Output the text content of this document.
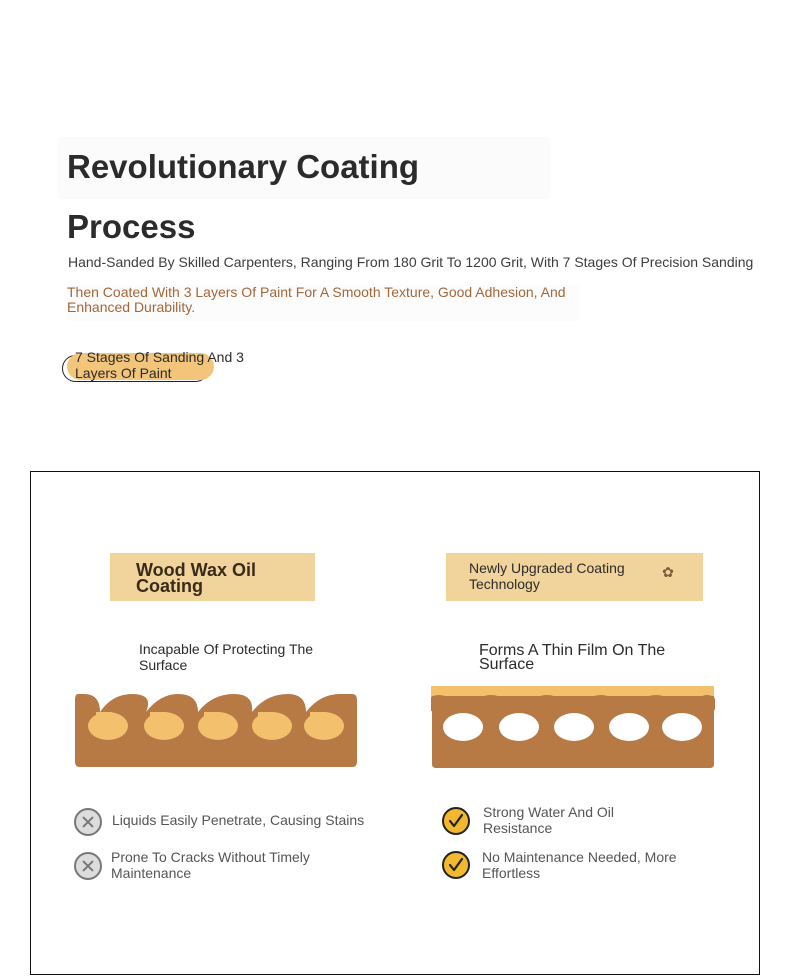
Revolutionary Coating Process
Hand-Sanded By Skilled Carpenters, Ranging From 180 Grit To 1200 Grit, With 7 Stages Of Precision Sanding
Then Coated With 3 Layers Of Paint For A Smooth Texture, Good Adhesion, And Enhanced Durability.
7 Stages Of Sanding And 3 Layers Of Paint
Wood Wax Oil Coating
Incapable Of Protecting The Surface
Liquids Easily Penetrate, Causing Stains
Prone To Cracks Without Timely Maintenance
Newly Upgraded Coating Technology
✿
Forms A Thin Film On The Surface
Strong Water And Oil Resistance
No Maintenance Needed, More Effortless
